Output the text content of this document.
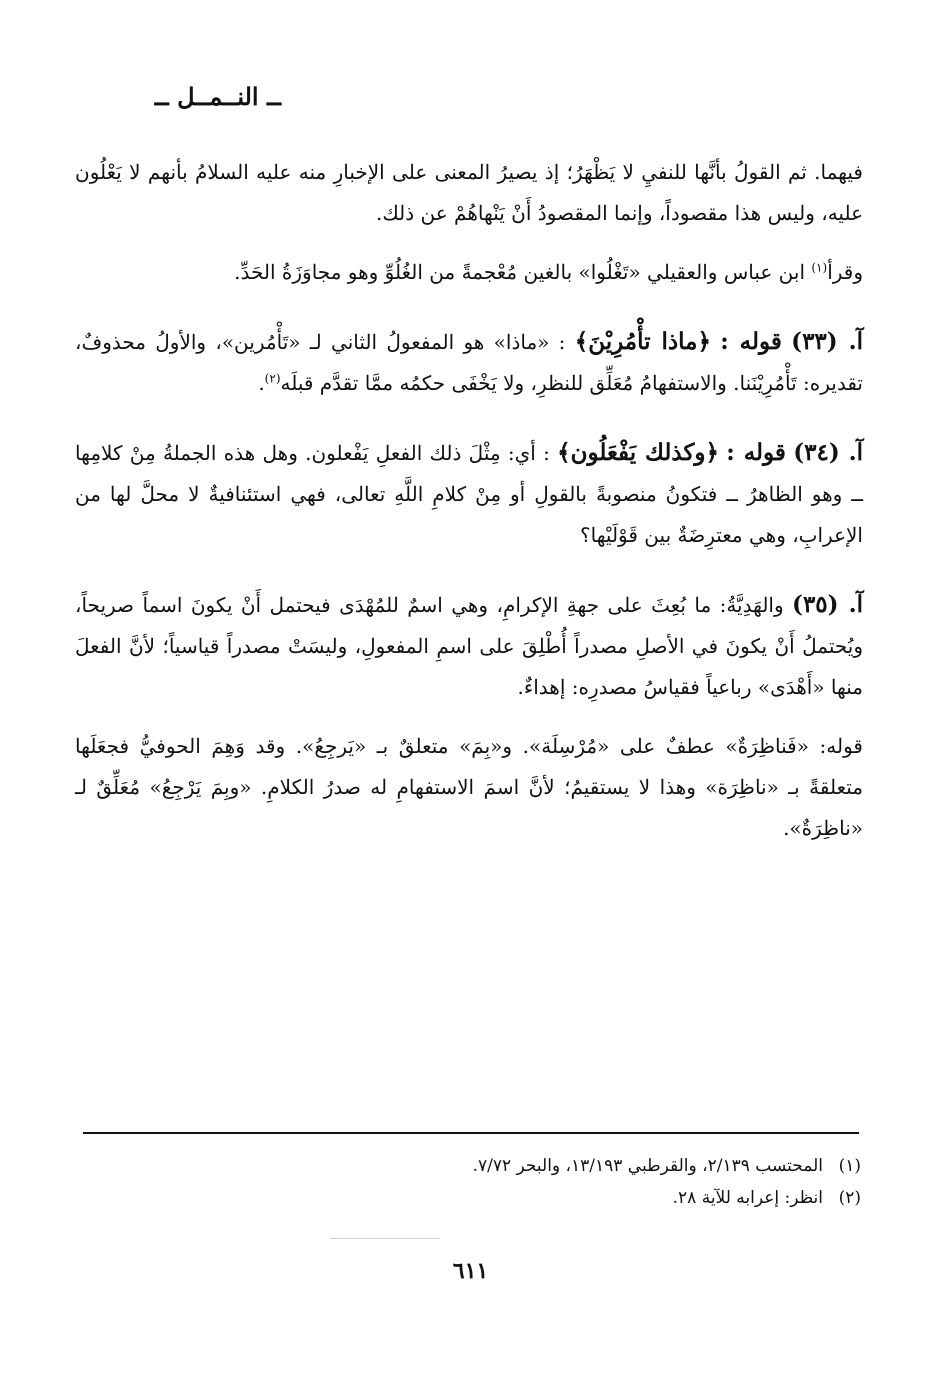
ــ النــمــل ــ

فيهما. ثم القولُ بأنَّها للنفيِ لا يَظْهَرُ؛ إذ يصيرُ المعنى على الإخبارِ منه عليه السلامُ بأنهم لا يَعْلُون عليه، وليس هذا مقصوداً، وإنما المقصودُ أَنْ يَنْهاهُمْ عن ذلك.

وقرأ$^{(١)}$ ابن عباس والعقيلي «تَغْلُوا» بالغين مُعْجمةً من الغُلُوِّ وهو مجاوَزَةُ الحَدِّ.

آ. (٣٣) قوله : ﴿ماذا تأْمُرِيْنَ﴾ : «ماذا» هو المفعولُ الثاني لـ «تَأْمُرين»، والأولُ محذوفٌ، تقديره: تَأْمُرِيْنَنا. والاستفهامُ مُعَلِّق للنظرِ، ولا يَخْفَى حكمُه ممَّا تقدَّم قبلَه$^{(٢)}$.

آ. (٣٤) قوله : ﴿وكذلك يَفْعَلُون﴾ : أي: مِثْلَ ذلك الفعلِ يَفْعلون. وهل هذه الجملةُ مِنْ كلامِها ــ وهو الظاهرُ ــ فتكونُ منصوبةً بالقولِ أو مِنْ كلامِ اللَّهِ تعالى، فهي استئنافيةٌ لا محلَّ لها من الإعرابِ، وهي معترِضَةٌ بين قَوْلَيْها؟

آ. (٣٥) والهَدِيَّةُ: ما بُعِثَ على جهةِ الإكرامِ، وهي اسمٌ للمُهْدَى فيحتمل أَنْ يكونَ اسماً صريحاً، ويُحتملُ أَنْ يكونَ في الأصلِ مصدراً أُطْلِقَ على اسمِ المفعولِ، وليسَتْ مصدراً قياسياً؛ لأنَّ الفعلَ منها «أَهْدَى» رباعياً فقياسُ مصدرِه: إهداءٌ.

قوله: «فَناظِرَةٌ» عطفٌ على «مُرْسِلَة». و«بِمَ» متعلقٌ بـ «يَرجِعُ». وقد وَهِمَ الحوفيُّ فجعَلَها متعلقةً بـ «ناظِرَة» وهذا لا يستقيمُ؛ لأنَّ اسمَ الاستفهامِ له صدرُ الكلامِ. «وبِمَ يَرْجِعُ» مُعَلِّقٌ لـ «ناظِرَةٌ».

(١)المحتسب ٢/١٣٩، والقرطبي ١٣/١٩٣، والبحر ٧/٧٢.

(٢)انظر: إعرابه للآية ٢٨.

٦١١
